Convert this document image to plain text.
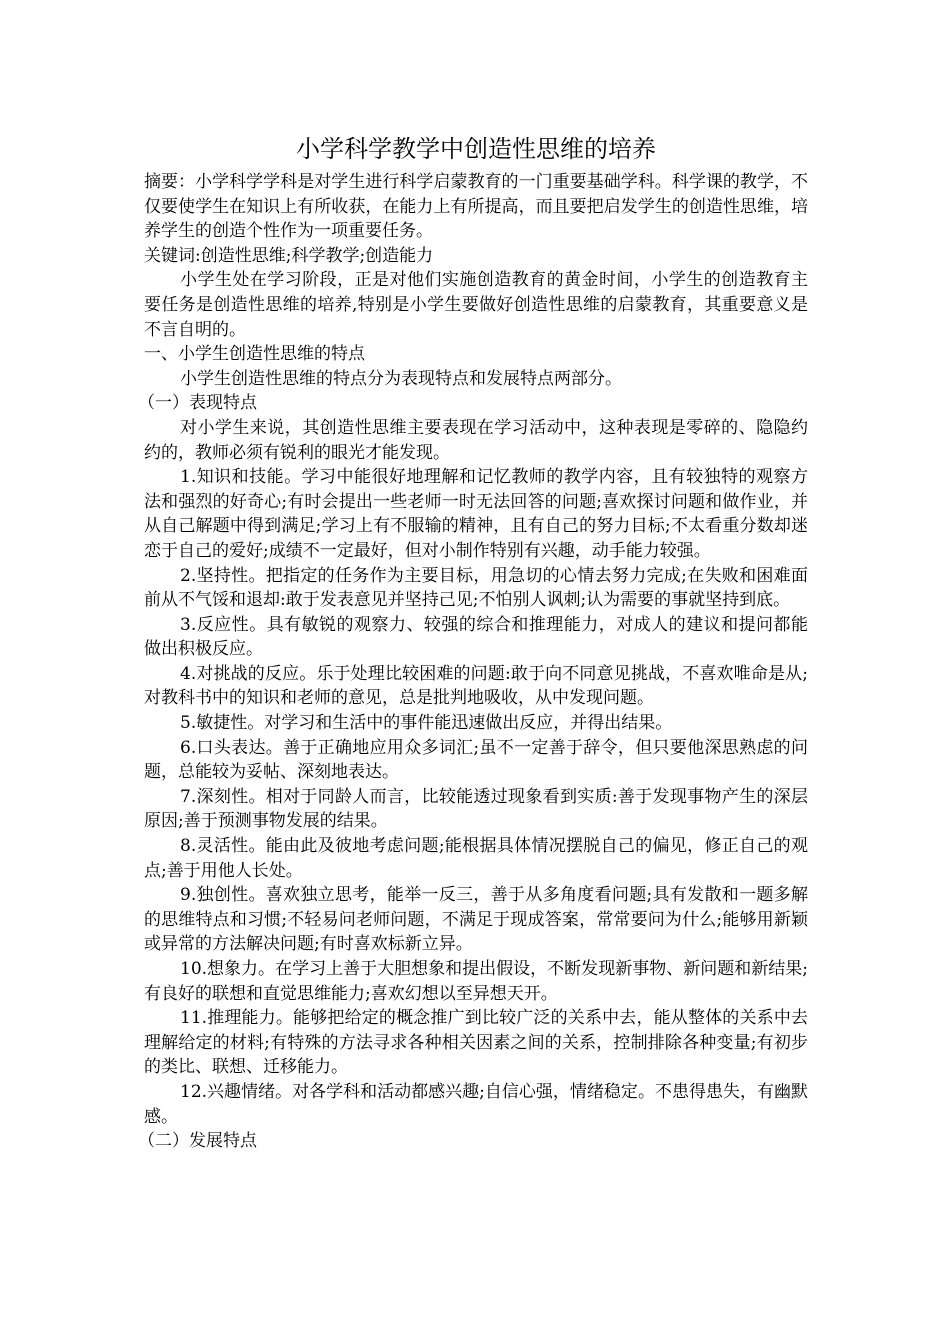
小学科学教学中创造性思维的培养

摘要：小学科学学科是对学生进行科学启蒙教育的一门重要基础学科。科学课的教学，不仅要使学生在知识上有所收获，在能力上有所提高，而且要把启发学生的创造性思维，培养学生的创造个性作为一项重要任务。

关键词:创造性思维;科学教学;创造能力

小学生处在学习阶段，正是对他们实施创造教育的黄金时间，小学生的创造教育主要任务是创造性思维的培养,特别是小学生要做好创造性思维的启蒙教育，其重要意义是不言自明的。

一、小学生创造性思维的特点

小学生创造性思维的特点分为表现特点和发展特点两部分。

（一）表现特点

对小学生来说，其创造性思维主要表现在学习活动中，这种表现是零碎的、隐隐约约的，教师必须有锐利的眼光才能发现。

1.知识和技能。学习中能很好地理解和记忆教师的教学内容，且有较独特的观察方法和强烈的好奇心;有时会提出一些老师一时无法回答的问题;喜欢探讨问题和做作业，并从自己解题中得到满足;学习上有不服输的精神，且有自己的努力目标;不太看重分数却迷恋于自己的爱好;成绩不一定最好，但对小制作特别有兴趣，动手能力较强。

2.坚持性。把指定的任务作为主要目标，用急切的心情去努力完成;在失败和困难面前从不气馁和退却:敢于发表意见并坚持己见;不怕别人讽刺;认为需要的事就坚持到底。

3.反应性。具有敏锐的观察力、较强的综合和推理能力，对成人的建议和提问都能做出积极反应。

4.对挑战的反应。乐于处理比较困难的问题:敢于向不同意见挑战，不喜欢唯命是从;对教科书中的知识和老师的意见，总是批判地吸收，从中发现问题。

5.敏捷性。对学习和生活中的事件能迅速做出反应，并得出结果。

6.口头表达。善于正确地应用众多词汇;虽不一定善于辞令，但只要他深思熟虑的问题，总能较为妥帖、深刻地表达。

7.深刻性。相对于同龄人而言，比较能透过现象看到实质:善于发现事物产生的深层原因;善于预测事物发展的结果。

8.灵活性。能由此及彼地考虑问题;能根据具体情况摆脱自己的偏见，修正自己的观点;善于用他人长处。

9.独创性。喜欢独立思考，能举一反三，善于从多角度看问题;具有发散和一题多解的思维特点和习惯;不轻易问老师问题，不满足于现成答案，常常要问为什么;能够用新颖或异常的方法解决问题;有时喜欢标新立异。

10.想象力。在学习上善于大胆想象和提出假设，不断发现新事物、新问题和新结果;有良好的联想和直觉思维能力;喜欢幻想以至异想天开。

11.推理能力。能够把给定的概念推广到比较广泛的关系中去，能从整体的关系中去理解给定的材料;有特殊的方法寻求各种相关因素之间的关系，控制排除各种变量;有初步的类比、联想、迁移能力。

12.兴趣情绪。对各学科和活动都感兴趣;自信心强，情绪稳定。不患得患失，有幽默感。

（二）发展特点
